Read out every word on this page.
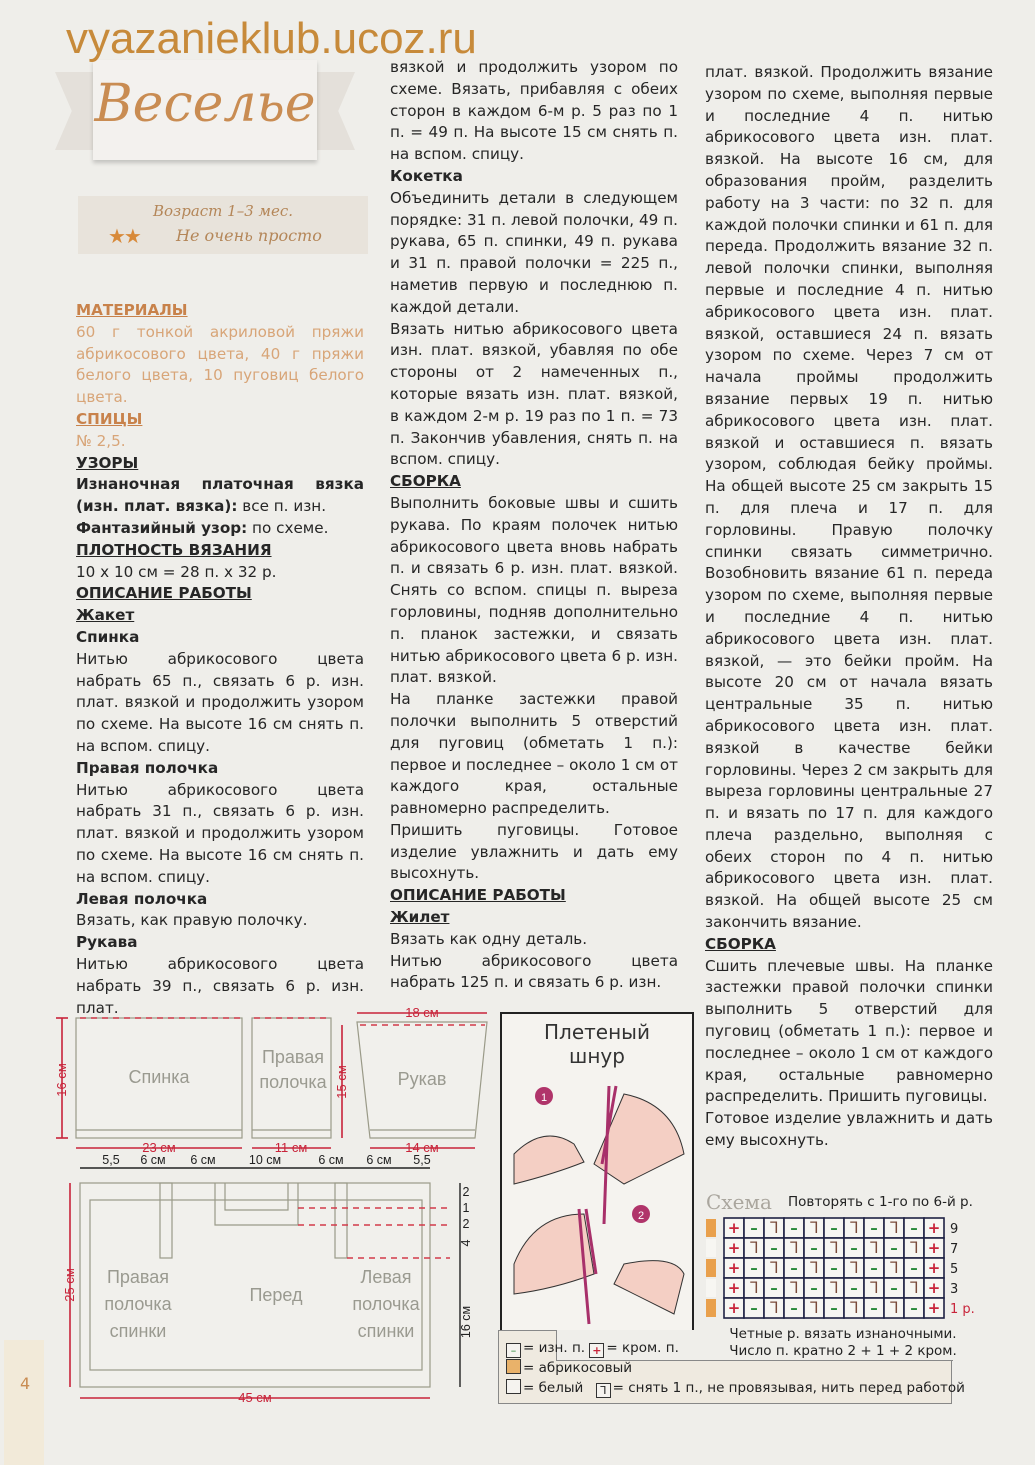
vyazanieklub.ucoz.ru
Веселье
Возраст 1–3 мес.
★★ Не очень просто

МАТЕРИАЛЫ

60 г тонкой акриловой пряжи абрикосового цвета, 40 г пряжи белого цвета, 10 пуговиц белого цвета.

СПИЦЫ

№ 2,5.

УЗОРЫ

Изнаночная платочная вязка (изн. плат. вязка): все п. изн.

Фантазийный узор: по схеме.

ПЛОТНОСТЬ ВЯЗАНИЯ

10 х 10 см = 28 п. х 32 р.

ОПИСАНИЕ РАБОТЫ

Жакет

Спинка

Нитью абрикосового цвета набрать 65 п., связать 6 р. изн. плат. вязкой и продолжить узором по схеме. На высоте 16 см снять п. на вспом. спицу.

Правая полочка

Нитью абрикосового цвета набрать 31 п., связать 6 р. изн. плат. вязкой и продолжить узором по схеме. На высоте 16 см снять п. на вспом. спицу.

Левая полочка

Вязать, как правую полочку.

Рукава

Нитью абрикосового цвета набрать 39 п., связать 6 р. изн. плат.

вязкой и продолжить узором по схеме. Вязать, прибавляя с обеих сторон в каждом 6-м р. 5 раз по 1 п. = 49 п. На высоте 15 см снять п. на вспом. спицу.

Кокетка

Объединить детали в следующем порядке: 31 п. левой полочки, 49 п. рукава, 65 п. спинки, 49 п. рукава и 31 п. правой полочки = 225 п., наметив первую и последнюю п. каждой детали.

Вязать нитью абрикосового цвета изн. плат. вязкой, убавляя по обе стороны от 2 намеченных п., которые вязать изн. плат. вязкой, в каждом 2-м р. 19 раз по 1 п. = 73 п. Закончив убавления, снять п. на вспом. спицу.

СБОРКА

Выполнить боковые швы и сшить рукава. По краям полочек нитью абрикосового цвета вновь набрать п. и связать 6 р. изн. плат. вязкой. Снять со вспом. спицы п. выреза горловины, подняв дополнительно п. планок застежки, и связать нитью абрикосового цвета 6 р. изн. плат. вязкой.

На планке застежки правой полочки выполнить 5 отверстий для пуговиц (обметать 1 п.): первое и последнее – около 1 см от каждого края, остальные равномерно распределить.

Пришить пуговицы. Готовое изделие увлажнить и дать ему высохнуть.

ОПИСАНИЕ РАБОТЫ

Жилет

Вязать как одну деталь.

Нитью абрикосового цвета набрать 125 п. и связать 6 р. изн.

плат. вязкой. Продолжить вязание узором по схеме, выполняя первые и последние 4 п. нитью абрикосового цвета изн. плат. вязкой. На высоте 16 см, для образования пройм, разделить работу на 3 части: по 32 п. для каждой полочки спинки и 61 п. для переда. Продолжить вязание 32 п. левой полочки спинки, выполняя первые и последние 4 п. нитью абрикосового цвета изн. плат. вязкой, оставшиеся 24 п. вязать узором по схеме. Через 7 см от начала проймы продолжить вязание первых 19 п. нитью абрикосового цвета изн. плат. вязкой и оставшиеся п. вязать узором, соблюдая бейку проймы. На общей высоте 25 см закрыть 15 п. для плеча и 17 п. для горловины. Правую полочку спинки связать симметрично. Возобновить вязание 61 п. переда узором по схеме, выполняя первые и последние 4 п. нитью абрикосового цвета изн. плат. вязкой, — это бейки пройм. На высоте 20 см от начала вязать центральные 35 п. нитью абрикосового цвета изн. плат. вязкой в качестве бейки горловины. Через 2 см закрыть для выреза горловины центральные 27 п. и вязать по 17 п. для каждого плеча раздельно, выполняя с обеих сторон по 4 п. нитью абрикосового цвета изн. плат. вязкой. На общей высоте 25 см закончить вязание.

СБОРКА

Сшить плечевые швы. На планке застежки правой полочки спинки выполнить 5 отверстий для пуговиц (обметать 1 п.): первое и последнее – около 1 см от каждого края, остальные равномерно распределить. Пришить пуговицы.

Готовое изделие увлажнить и дать ему высохнуть.

23 см	11 см	14 см
18 см
45 см
16 см	15 см
25 см
Спинка
Правая
полочка	Рукав
Правая
полочка
спинки
Перед
Левая
полочка
спинки
5,5 6 см 6 см	10 см	6 см 6 см 5,5
2
1
2
4
16 см
Плетеный
шнур
1
2
– = изн. п. + = кром. п.
= абрикосовый
= белый ᒣ = снять 1 п., не провязывая, нить перед работой
Схема Повторять с 1-го по 6-й р.
+ – ᒣ – ᒣ – ᒣ – ᒣ – + 9
+ ᒣ – ᒣ – ᒣ – ᒣ – ᒣ + 7
+ – ᒣ – ᒣ – ᒣ – ᒣ – + 5
+ ᒣ – ᒣ – ᒣ – ᒣ – ᒣ + 3
+ – ᒣ – ᒣ – ᒣ – ᒣ – + 1 р.
Четные р. вязать изнаночными.
Число п. кратно 2 + 1 + 2 кром.
4
